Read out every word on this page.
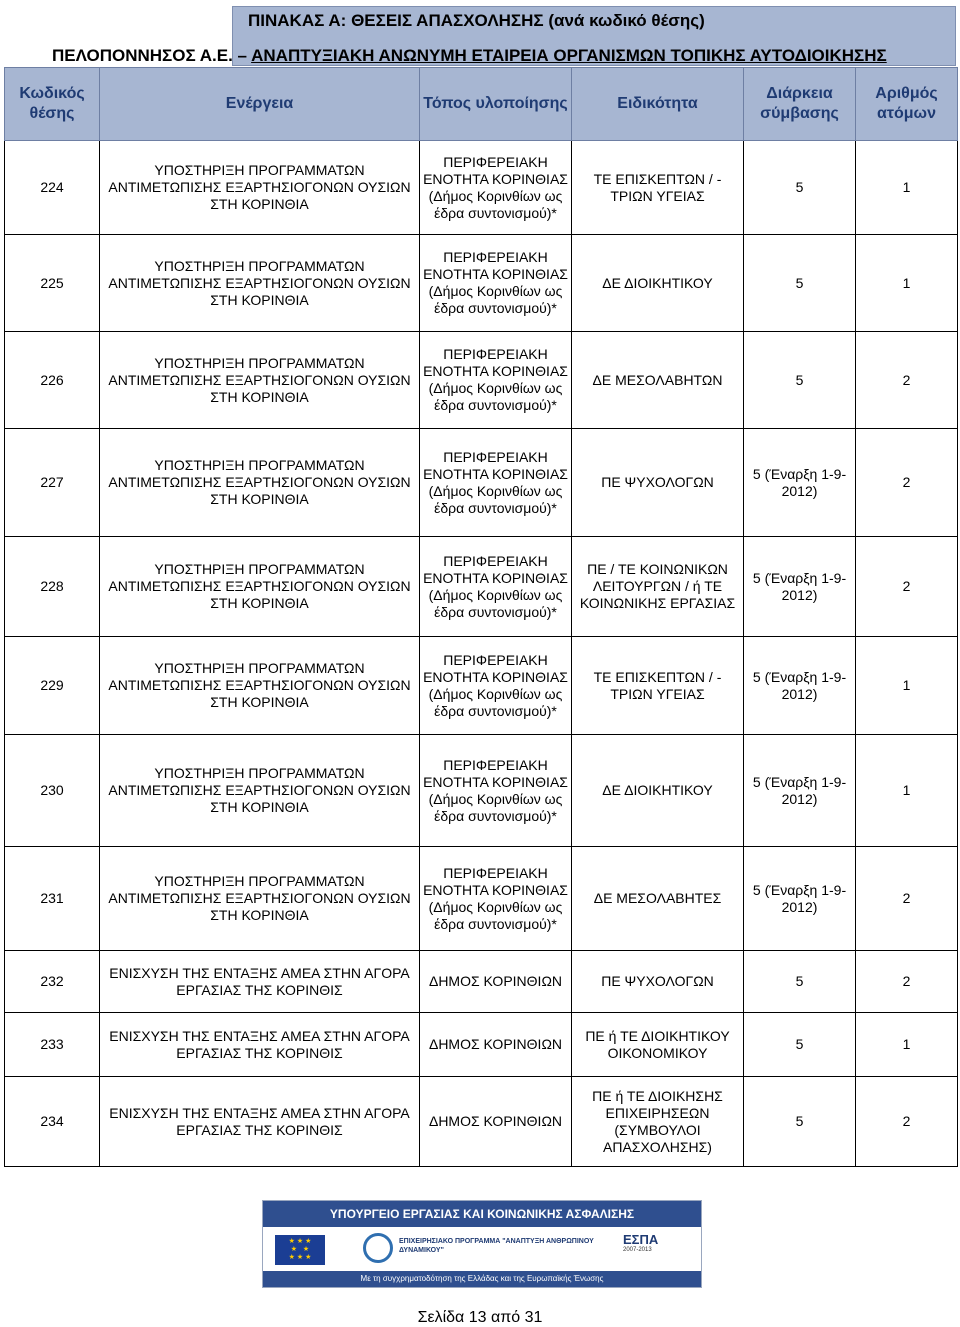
ΠΙΝΑΚΑΣ Α: ΘΕΣΕΙΣ ΑΠΑΣΧΟΛΗΣΗΣ (ανά κωδικό θέσης)
ΠΕΛΟΠΟΝΝΗΣΟΣ Α.Ε. – ΑΝΑΠΤΥΞΙΑΚΗ ΑΝΩΝΥΜΗ ΕΤΑΙΡΕΙΑ ΟΡΓΑΝΙΣΜΩΝ ΤΟΠΙΚΗΣ ΑΥΤΟΔΙΟΙΚΗΣΗΣ
Κωδικός θέσης	Ενέργεια	Τόπος υλοποίησης	Ειδικότητα	Διάρκεια σύμβασης	Αριθμός ατόμων
224	ΥΠΟΣΤΗΡΙΞΗ ΠΡΟΓΡΑΜΜΑΤΩΝ ΑΝΤΙΜΕΤΩΠΙΣΗΣ ΕΞΑΡΤΗΣΙΟΓΟΝΩΝ ΟΥΣΙΩΝ ΣΤΗ ΚΟΡΙΝΘΙΑ	ΠΕΡΙΦΕΡΕΙΑΚΗ ΕΝΟΤΗΤΑ ΚΟΡΙΝΘΙΑΣ (Δήμος Κορινθίων ως έδρα συντονισμού)*	ΤΕ ΕΠΙΣΚΕΠΤΩΝ / - ΤΡΙΩΝ ΥΓΕΙΑΣ	5	1
225	ΥΠΟΣΤΗΡΙΞΗ ΠΡΟΓΡΑΜΜΑΤΩΝ ΑΝΤΙΜΕΤΩΠΙΣΗΣ ΕΞΑΡΤΗΣΙΟΓΟΝΩΝ ΟΥΣΙΩΝ ΣΤΗ ΚΟΡΙΝΘΙΑ	ΠΕΡΙΦΕΡΕΙΑΚΗ ΕΝΟΤΗΤΑ ΚΟΡΙΝΘΙΑΣ (Δήμος Κορινθίων ως έδρα συντονισμού)*	ΔΕ ΔΙΟΙΚΗΤΙΚΟΥ	5	1
226	ΥΠΟΣΤΗΡΙΞΗ ΠΡΟΓΡΑΜΜΑΤΩΝ ΑΝΤΙΜΕΤΩΠΙΣΗΣ ΕΞΑΡΤΗΣΙΟΓΟΝΩΝ ΟΥΣΙΩΝ ΣΤΗ ΚΟΡΙΝΘΙΑ	ΠΕΡΙΦΕΡΕΙΑΚΗ ΕΝΟΤΗΤΑ ΚΟΡΙΝΘΙΑΣ (Δήμος Κορινθίων ως έδρα συντονισμού)*	ΔΕ ΜΕΣΟΛΑΒΗΤΩΝ	5	2
227	ΥΠΟΣΤΗΡΙΞΗ ΠΡΟΓΡΑΜΜΑΤΩΝ ΑΝΤΙΜΕΤΩΠΙΣΗΣ ΕΞΑΡΤΗΣΙΟΓΟΝΩΝ ΟΥΣΙΩΝ ΣΤΗ ΚΟΡΙΝΘΙΑ	ΠΕΡΙΦΕΡΕΙΑΚΗ ΕΝΟΤΗΤΑ ΚΟΡΙΝΘΙΑΣ (Δήμος Κορινθίων ως έδρα συντονισμού)*	ΠΕ ΨΥΧΟΛΟΓΩΝ	5 (Έναρξη 1-9-2012)	2
228	ΥΠΟΣΤΗΡΙΞΗ ΠΡΟΓΡΑΜΜΑΤΩΝ ΑΝΤΙΜΕΤΩΠΙΣΗΣ ΕΞΑΡΤΗΣΙΟΓΟΝΩΝ ΟΥΣΙΩΝ ΣΤΗ ΚΟΡΙΝΘΙΑ	ΠΕΡΙΦΕΡΕΙΑΚΗ ΕΝΟΤΗΤΑ ΚΟΡΙΝΘΙΑΣ (Δήμος Κορινθίων ως έδρα συντονισμού)*	ΠΕ / ΤΕ ΚΟΙΝΩΝΙΚΩΝ ΛΕΙΤΟΥΡΓΩΝ / ή ΤΕ ΚΟΙΝΩΝΙΚΗΣ ΕΡΓΑΣΙΑΣ	5 (Έναρξη 1-9-2012)	2
229	ΥΠΟΣΤΗΡΙΞΗ ΠΡΟΓΡΑΜΜΑΤΩΝ ΑΝΤΙΜΕΤΩΠΙΣΗΣ ΕΞΑΡΤΗΣΙΟΓΟΝΩΝ ΟΥΣΙΩΝ ΣΤΗ ΚΟΡΙΝΘΙΑ	ΠΕΡΙΦΕΡΕΙΑΚΗ ΕΝΟΤΗΤΑ ΚΟΡΙΝΘΙΑΣ (Δήμος Κορινθίων ως έδρα συντονισμού)*	ΤΕ ΕΠΙΣΚΕΠΤΩΝ / - ΤΡΙΩΝ ΥΓΕΙΑΣ	5 (Έναρξη 1-9-2012)	1
230	ΥΠΟΣΤΗΡΙΞΗ ΠΡΟΓΡΑΜΜΑΤΩΝ ΑΝΤΙΜΕΤΩΠΙΣΗΣ ΕΞΑΡΤΗΣΙΟΓΟΝΩΝ ΟΥΣΙΩΝ ΣΤΗ ΚΟΡΙΝΘΙΑ	ΠΕΡΙΦΕΡΕΙΑΚΗ ΕΝΟΤΗΤΑ ΚΟΡΙΝΘΙΑΣ (Δήμος Κορινθίων ως έδρα συντονισμού)*	ΔΕ ΔΙΟΙΚΗΤΙΚΟΥ	5 (Έναρξη 1-9-2012)	1
231	ΥΠΟΣΤΗΡΙΞΗ ΠΡΟΓΡΑΜΜΑΤΩΝ ΑΝΤΙΜΕΤΩΠΙΣΗΣ ΕΞΑΡΤΗΣΙΟΓΟΝΩΝ ΟΥΣΙΩΝ ΣΤΗ ΚΟΡΙΝΘΙΑ	ΠΕΡΙΦΕΡΕΙΑΚΗ ΕΝΟΤΗΤΑ ΚΟΡΙΝΘΙΑΣ (Δήμος Κορινθίων ως έδρα συντονισμού)*	ΔΕ ΜΕΣΟΛΑΒΗΤΕΣ	5 (Έναρξη 1-9-2012)	2
232	ΕΝΙΣΧΥΣΗ ΤΗΣ ΕΝΤΑΞΗΣ ΑΜΕΑ ΣΤΗΝ ΑΓΟΡΑ ΕΡΓΑΣΙΑΣ ΤΗΣ ΚΟΡΙΝΘΙΣ	ΔΗΜΟΣ ΚΟΡΙΝΘΙΩΝ	ΠΕ ΨΥΧΟΛΟΓΩΝ	5	2
233	ΕΝΙΣΧΥΣΗ ΤΗΣ ΕΝΤΑΞΗΣ ΑΜΕΑ ΣΤΗΝ ΑΓΟΡΑ ΕΡΓΑΣΙΑΣ ΤΗΣ ΚΟΡΙΝΘΙΣ	ΔΗΜΟΣ ΚΟΡΙΝΘΙΩΝ	ΠΕ ή ΤΕ ΔΙΟΙΚΗΤΙΚΟΥ ΟΙΚΟΝΟΜΙΚΟΥ	5	1
234	ΕΝΙΣΧΥΣΗ ΤΗΣ ΕΝΤΑΞΗΣ ΑΜΕΑ ΣΤΗΝ ΑΓΟΡΑ ΕΡΓΑΣΙΑΣ ΤΗΣ ΚΟΡΙΝΘΙΣ	ΔΗΜΟΣ ΚΟΡΙΝΘΙΩΝ	ΠΕ ή ΤΕ ΔΙΟΙΚΗΣΗΣ ΕΠΙΧΕΙΡΗΣΕΩΝ (ΣΥΜΒΟΥΛΟΙ ΑΠΑΣΧΟΛΗΣΗΣ)	5	2
ΥΠΟΥΡΓΕΙΟ ΕΡΓΑΣΙΑΣ ΚΑΙ ΚΟΙΝΩΝΙΚΗΣ ΑΣΦΑΛΙΣΗΣ
★ ★ ★
★   ★
★ ★ ★
ΕΠΙΧΕΙΡΗΣΙΑΚΟ ΠΡΟΓΡΑΜΜΑ "ΑΝΑΠΤΥΞΗ ΑΝΘΡΩΠΙΝΟΥ ΔΥΝΑΜΙΚΟΥ"
ΕΣΠΑ
2007-2013
Με τη συγχρηματοδότηση της Ελλάδας και της Ευρωπαϊκής Ένωσης
Σελίδα 13 από 31
